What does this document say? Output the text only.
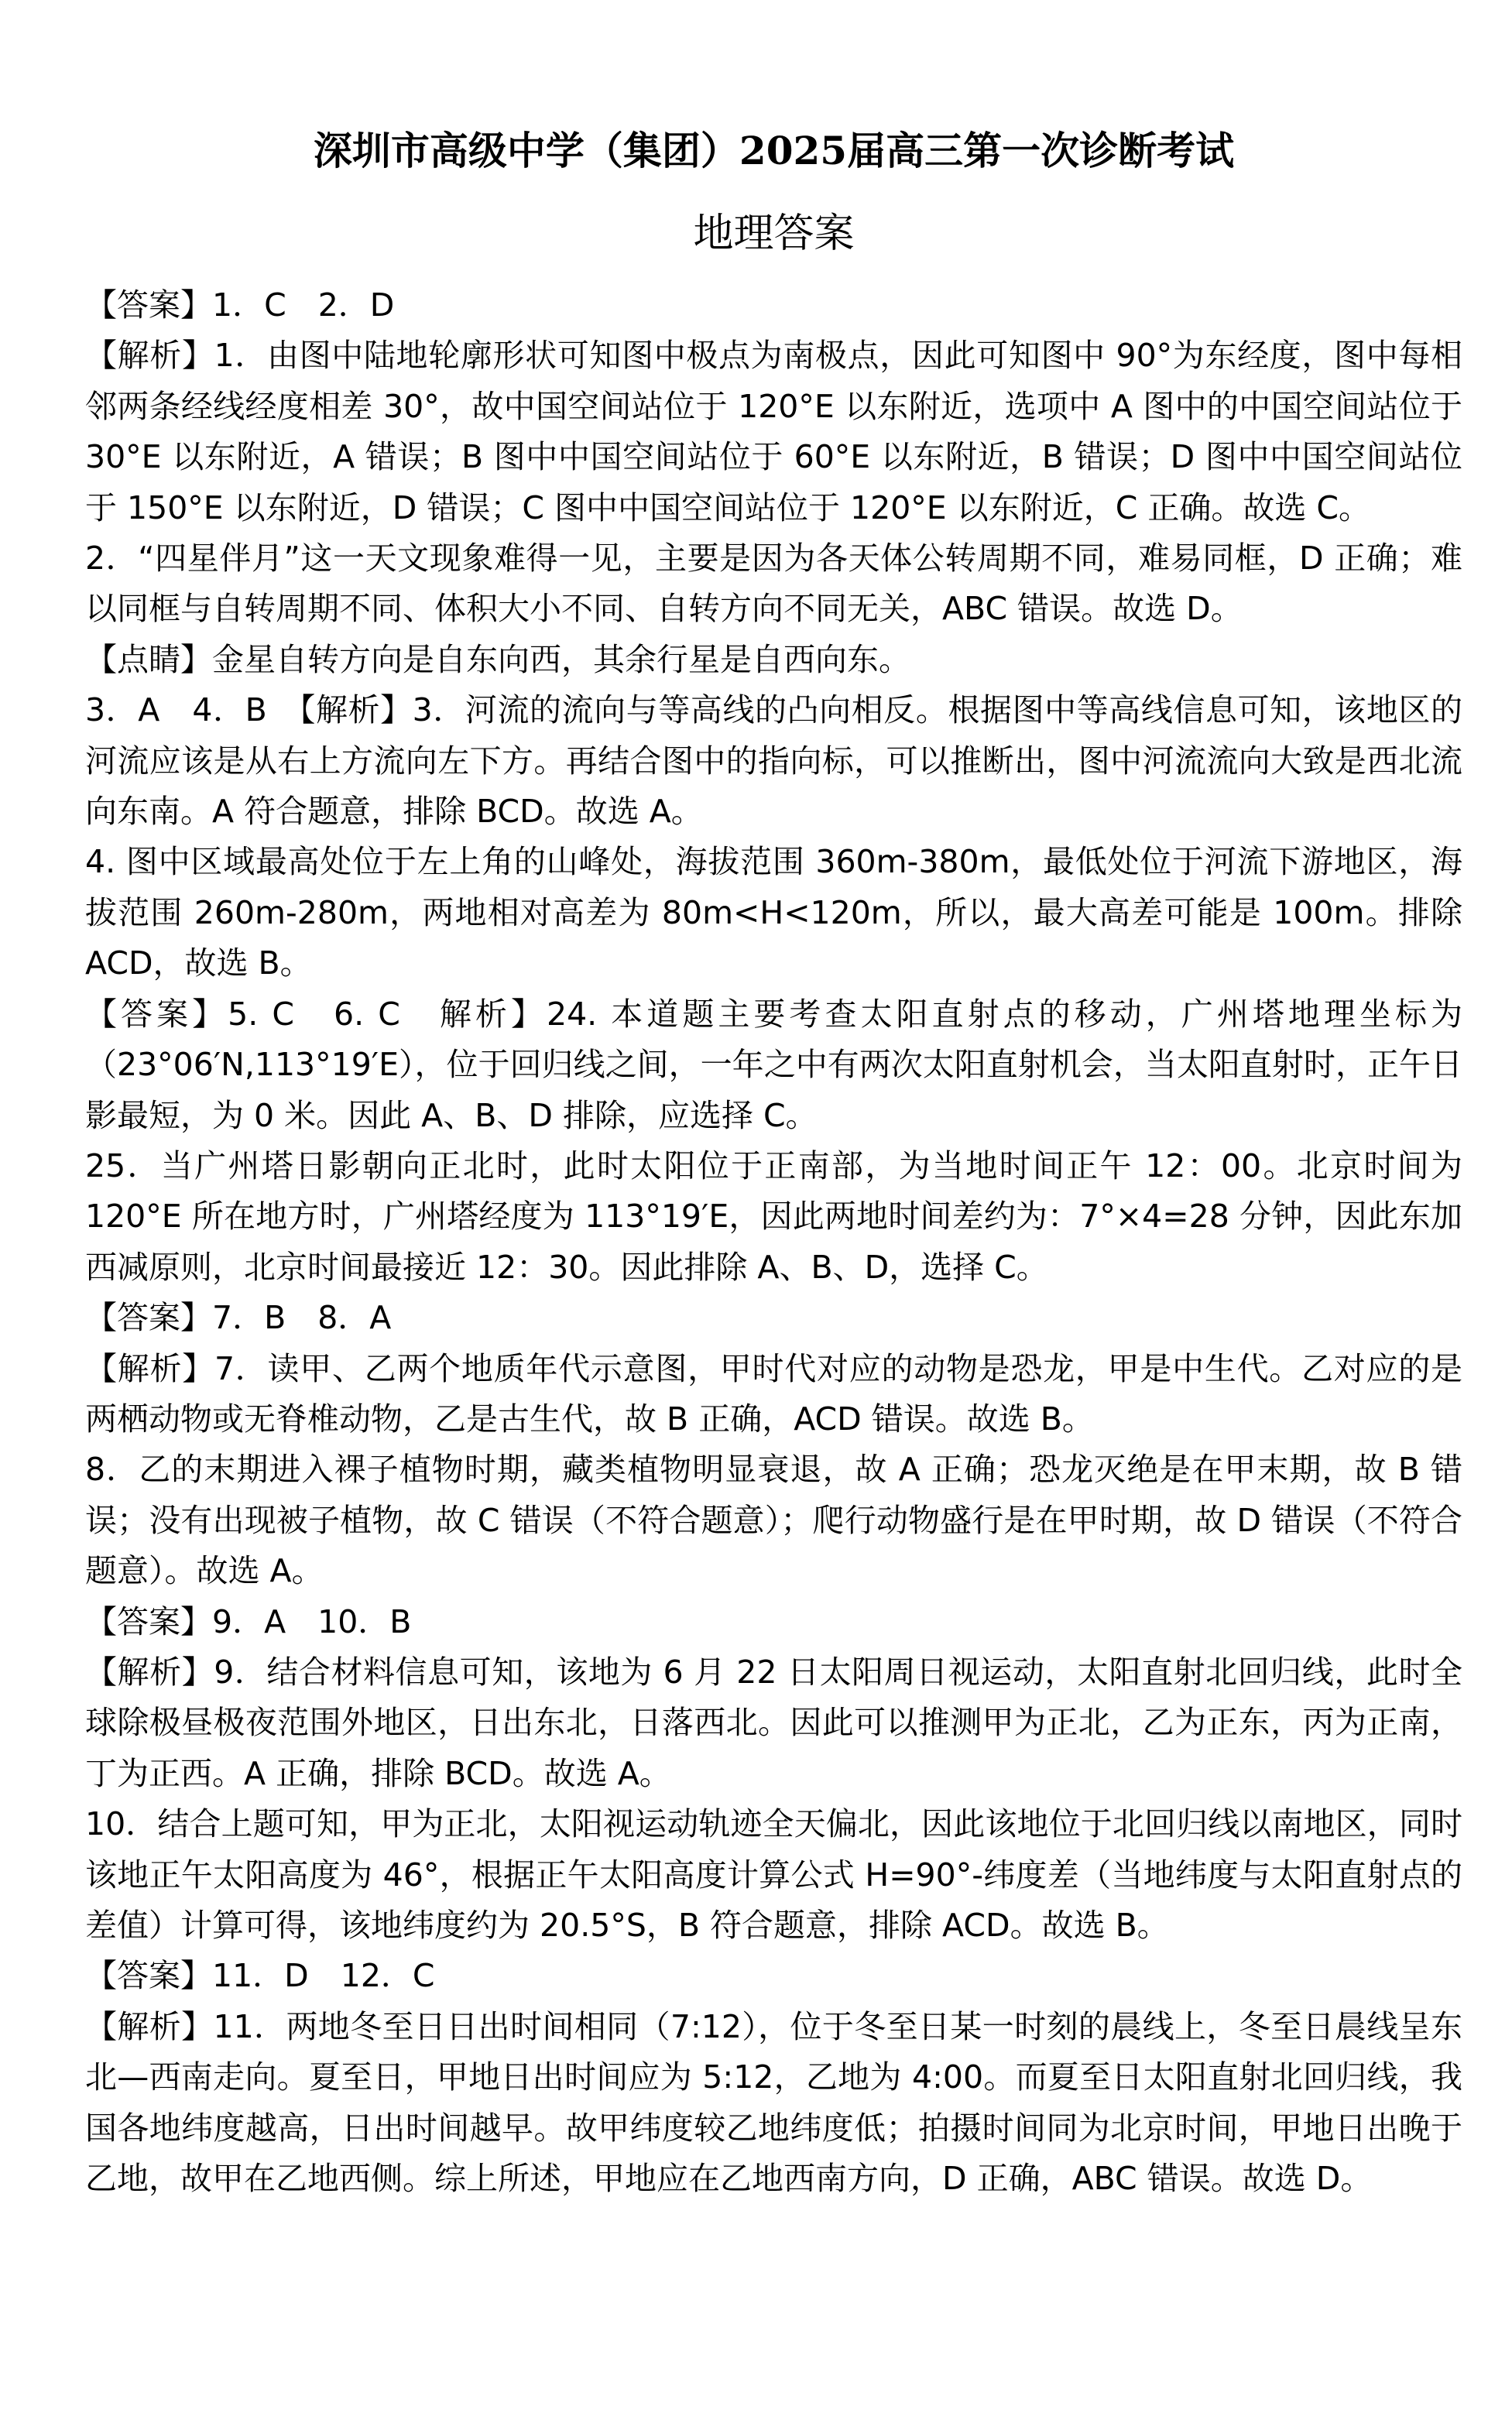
深圳市高级中学（集团）2025届高三第一次诊断考试
地理答案

【答案】1．C　2．D

【解析】1．由图中陆地轮廓形状可知图中极点为南极点，因此可知图中 90°为东经度，图中每相邻两条经线经度相差 30°，故中国空间站位于 120°E 以东附近，选项中 A 图中的中国空间站位于 30°E 以东附近，A 错误；B 图中中国空间站位于 60°E 以东附近，B 错误；D 图中中国空间站位于 150°E 以东附近，D 错误；C 图中中国空间站位于 120°E 以东附近，C 正确。故选 C。

2．“四星伴月”这一天文现象难得一见，主要是因为各天体公转周期不同，难易同框，D 正确；难以同框与自转周期不同、体积大小不同、自转方向不同无关，ABC 错误。故选 D。

【点睛】金星自转方向是自东向西，其余行星是自西向东。

3．A　4．B　【解析】3．河流的流向与等高线的凸向相反。根据图中等高线信息可知，该地区的河流应该是从右上方流向左下方。再结合图中的指向标，可以推断出，图中河流流向大致是西北流向东南。A 符合题意，排除 BCD。故选 A。

4. 图中区域最高处位于左上角的山峰处，海拔范围 360m-380m，最低处位于河流下游地区，海拔范围 260m-280m，两地相对高差为 80m<H<120m，所以，最大高差可能是 100m。排除 ACD，故选 B。

【答案】5. C　6. C　解析】24. 本道题主要考查太阳直射点的移动，广州塔地理坐标为（23°06′N,113°19′E），位于回归线之间，一年之中有两次太阳直射机会，当太阳直射时，正午日影最短，为 0 米。因此 A、B、D 排除，应选择 C。

25．当广州塔日影朝向正北时，此时太阳位于正南部，为当地时间正午 12：00。北京时间为 120°E 所在地方时，广州塔经度为 113°19′E，因此两地时间差约为：7°×4=28 分钟，因此东加西减原则，北京时间最接近 12：30。因此排除 A、B、D，选择 C。

【答案】7．B　8．A

【解析】7．读甲、乙两个地质年代示意图，甲时代对应的动物是恐龙，甲是中生代。乙对应的是两栖动物或无脊椎动物，乙是古生代，故 B 正确，ACD 错误。故选 B。

8．乙的末期进入裸子植物时期，藏类植物明显衰退，故 A 正确；恐龙灭绝是在甲末期，故 B 错误；没有出现被子植物，故 C 错误（不符合题意）；爬行动物盛行是在甲时期，故 D 错误（不符合题意）。故选 A。

【答案】9．A　10．B

【解析】9．结合材料信息可知，该地为 6 月 22 日太阳周日视运动，太阳直射北回归线，此时全球除极昼极夜范围外地区，日出东北，日落西北。因此可以推测甲为正北，乙为正东，丙为正南，丁为正西。A 正确，排除 BCD。故选 A。

10．结合上题可知，甲为正北，太阳视运动轨迹全天偏北，因此该地位于北回归线以南地区，同时该地正午太阳高度为 46°，根据正午太阳高度计算公式 H=90°-纬度差（当地纬度与太阳直射点的差值）计算可得，该地纬度约为 20.5°S，B 符合题意，排除 ACD。故选 B。

【答案】11．D　12．C

【解析】11．两地冬至日日出时间相同（7:12），位于冬至日某一时刻的晨线上，冬至日晨线呈东北—西南走向。夏至日，甲地日出时间应为 5:12，乙地为 4:00。而夏至日太阳直射北回归线，我国各地纬度越高，日出时间越早。故甲纬度较乙地纬度低；拍摄时间同为北京时间，甲地日出晚于乙地，故甲在乙地西侧。综上所述，甲地应在乙地西南方向，D 正确，ABC 错误。故选 D。
